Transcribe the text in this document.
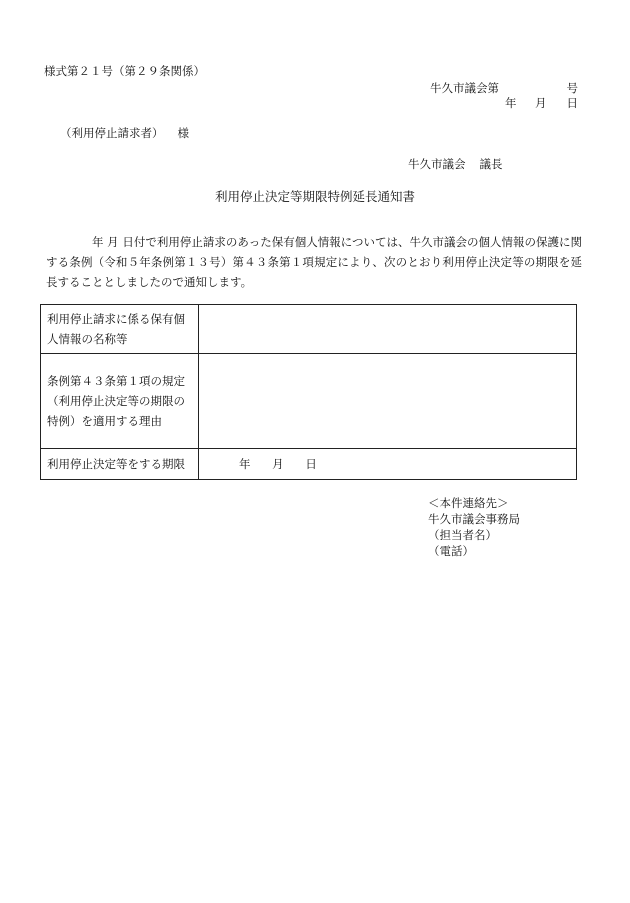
様式第２１号（第２９条関係）
牛久市議会第	号
年 月 日
（利用停止請求者） 様
牛久市議会 議長
利用停止決定等期限特例延長通知書
年 月 日付で利用停止請求のあった保有個人情報については、牛久市議会の個人情報の保護に関する条例（令和５年条例第１３号）第４３条第１項規定により、次のとおり利用停止決定等の期限を延長することとしましたので通知します。
利用停止請求に係る保有個人情報の名称等	
条例第４３条第１項の規定（利用停止決定等の期限の特例）を適用する理由	
利用停止決定等をする期限	年 月 日
＜本件連絡先＞
牛久市議会事務局
（担当者名）
（電話）
